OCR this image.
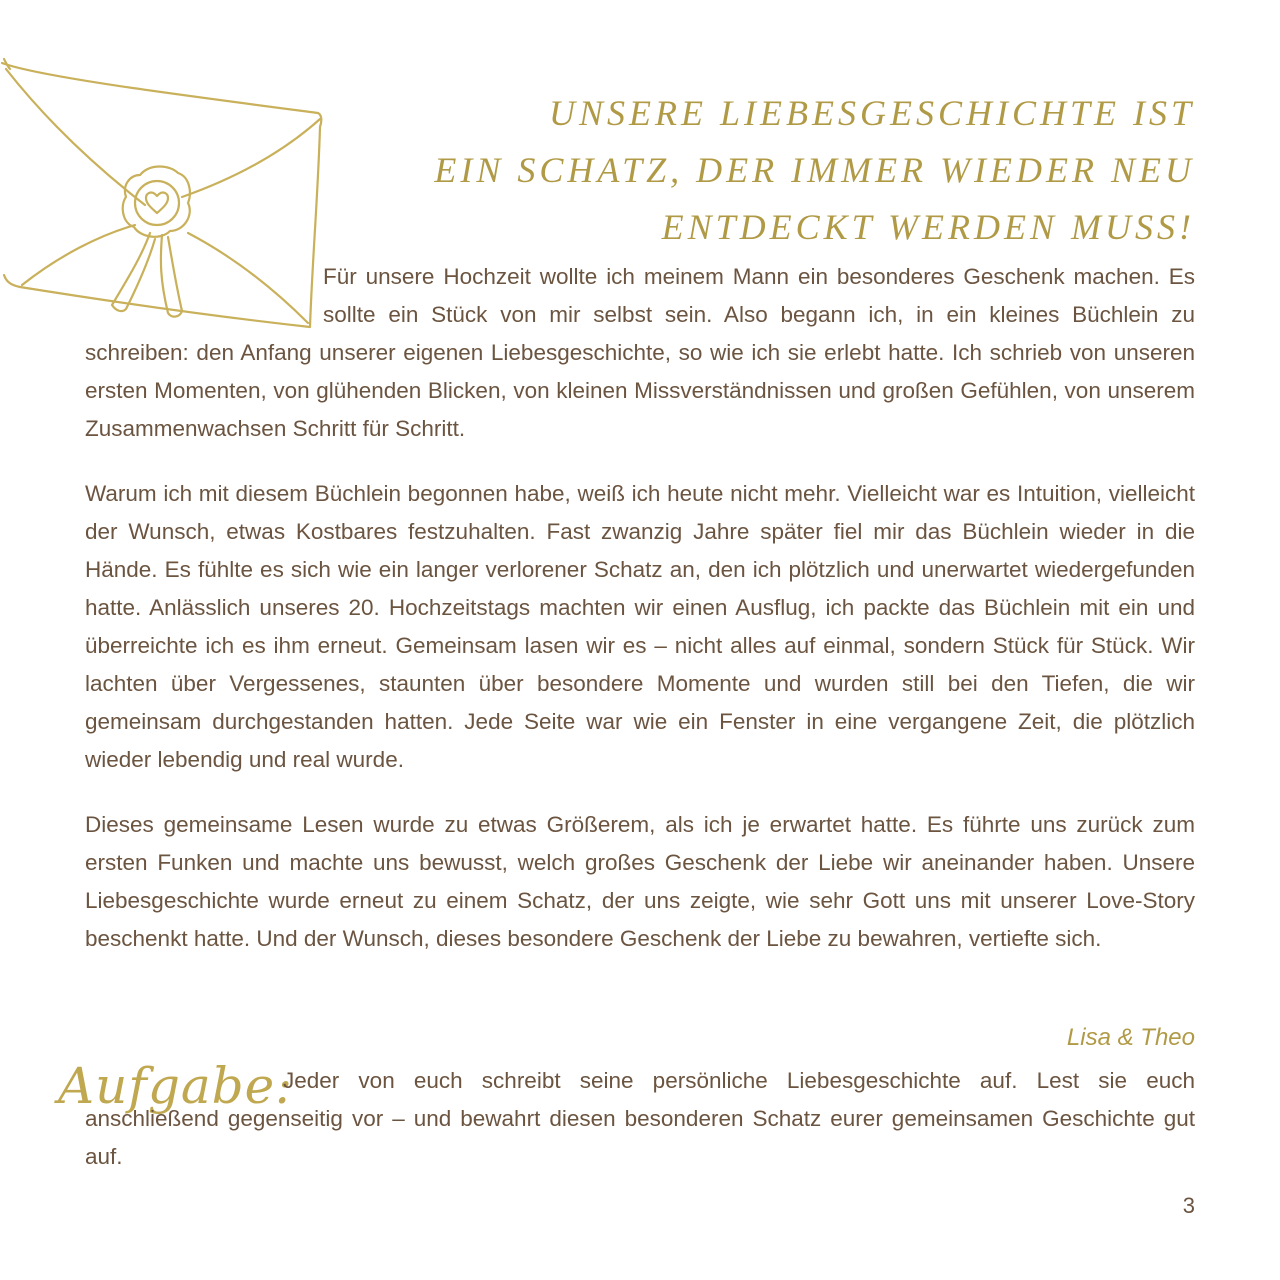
UNSERE LIEBESGESCHICHTE IST
EIN SCHATZ, DER IMMER WIEDER NEU
ENTDECKT WERDEN MUSS!

Für unsere Hochzeit wollte ich meinem Mann ein besonderes Geschenk machen. Es sollte ein Stück von mir selbst sein. Also begann ich, in ein kleines Büchlein zu schreiben: den Anfang unserer eigenen Liebesgeschichte, so wie ich sie erlebt hatte. Ich schrieb von unseren ersten Momenten, von glühenden Blicken, von kleinen Missverständnissen und großen Gefühlen, von unserem Zusammenwachsen Schritt für Schritt.

Warum ich mit diesem Büchlein begonnen habe, weiß ich heute nicht mehr. Vielleicht war es Intuition, vielleicht der Wunsch, etwas Kostbares festzuhalten. Fast zwanzig Jahre später fiel mir das Büchlein wieder in die Hände. Es fühlte es sich wie ein langer verlorener Schatz an, den ich plötzlich und unerwartet wiedergefunden hatte. Anlässlich unseres 20. Hochzeitstags machten wir einen Ausflug, ich packte das Büchlein mit ein und überreichte ich es ihm erneut. Gemeinsam lasen wir es – nicht alles auf einmal, sondern Stück für Stück. Wir lachten über Vergessenes, staunten über besondere Momente und wurden still bei den Tiefen, die wir gemeinsam durchgestanden hatten. Jede Seite war wie ein Fenster in eine vergangene Zeit, die plötzlich wieder lebendig und real wurde.

Dieses gemeinsame Lesen wurde zu etwas Größerem, als ich je erwartet hatte. Es führte uns zurück zum ersten Funken und machte uns bewusst, welch großes Geschenk der Liebe wir aneinander haben. Unsere Liebesgeschichte wurde erneut zu einem Schatz, der uns zeigte, wie sehr Gott uns mit unserer Love-Story beschenkt hatte. Und der Wunsch, dieses besondere Geschenk der Liebe zu bewahren, vertiefte sich.

Lisa & Theo

Aufgabe:

Jeder von euch schreibt seine persönliche Liebesgeschichte auf. Lest sie euch anschließend gegenseitig vor – und bewahrt diesen besonderen Schatz eurer gemeinsamen Geschichte gut auf.

3
